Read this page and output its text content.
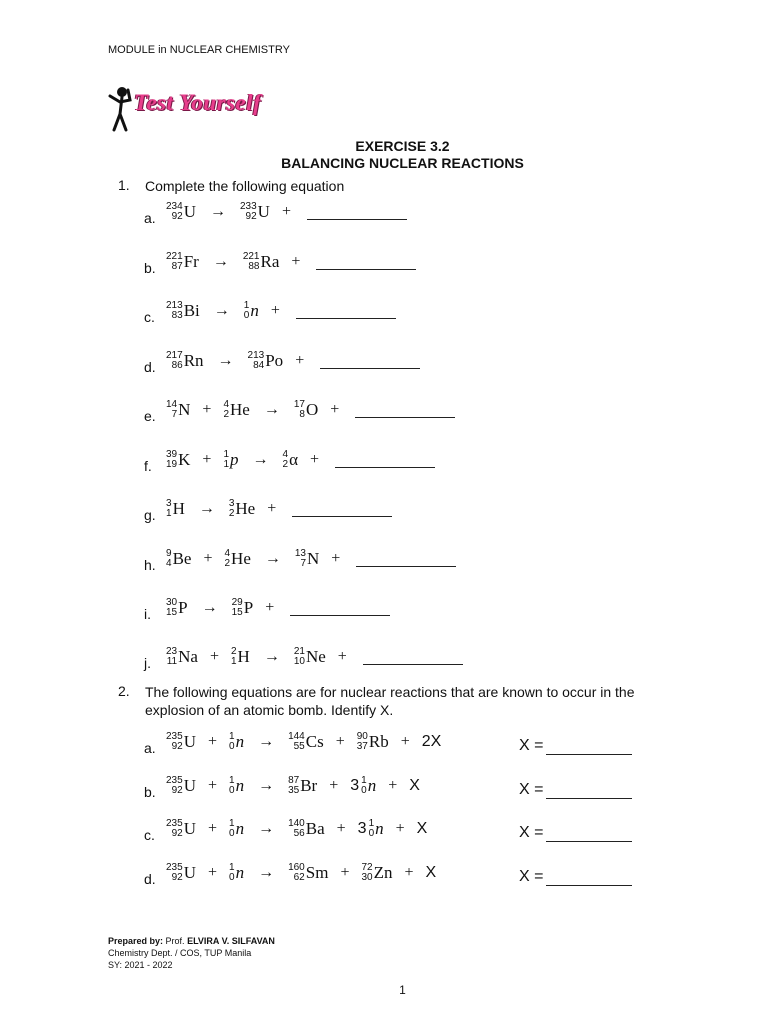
MODULE in NUCLEAR CHEMISTRY
Test Yourself
EXERCISE 3.2
BALANCING NUCLEAR REACTIONS
1. Complete the following equation
a.
234
92 U → 233
92 U +
b.
221
87 Fr → 221
88 Ra +
c.
213
83 Bi → 1
0 n +
d.
217
86 Rn → 213
84 Po +
e.
14
7 N + 4
2 He → 17
8 O +
f.
39
19 K + 1
1 p → 4
2 α +
g.
3
1 H → 3
2 He +
h.
9
4 Be + 4
2 He → 13
7 N +
i.
30
15 P → 29
15 P +
j.
23
11 Na + 2
1 H → 21
10 Ne +
2. The following equations are for nuclear reactions that are known to occur in the explosion of an atomic bomb. Identify X.
a.
235
92 U + 1
0 n → 144
55 Cs + 90
37 Rb + 2X	X =
b.
235
92 U + 1
0 n → 87
35 Br + 3 1
0 n + X	X =
c.
235
92 U + 1
0 n → 140
56 Ba + 3 1
0 n + X	X =
d.
235
92 U + 1
0 n → 160
62 Sm + 72
30 Zn + X	X =
Prepared by: Prof. ELVIRA V. SILFAVAN
Chemistry Dept. / COS, TUP Manila
SY: 2021 - 2022
1
